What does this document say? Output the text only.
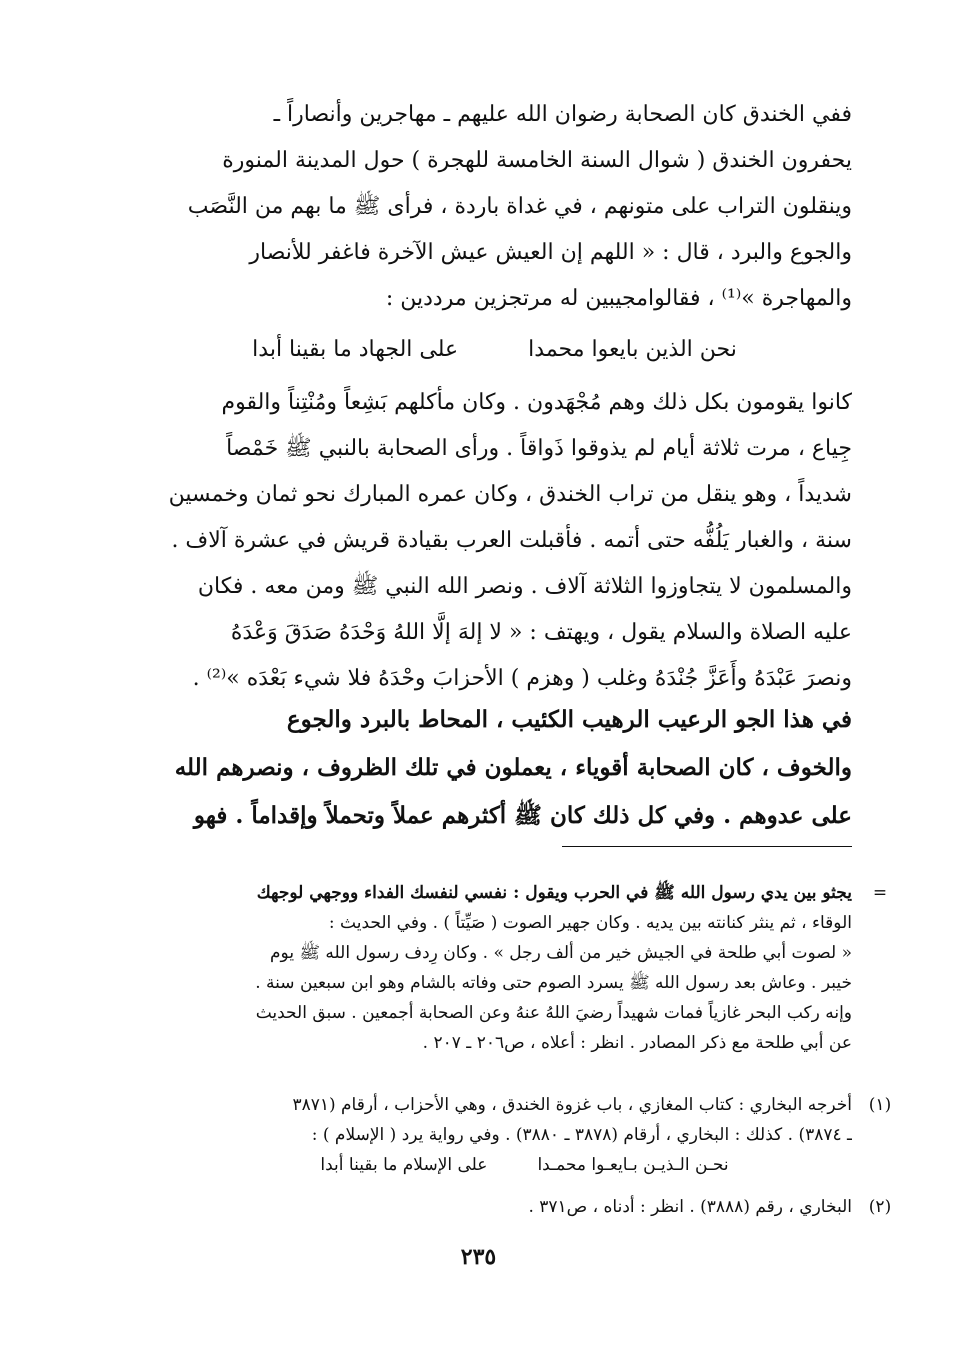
ففي الخندق كان الصحابة رضوان الله عليهم ـ مهاجرين وأنصاراً ـ
يحفرون الخندق ( شوال السنة الخامسة للهجرة ) حول المدينة المنورة
وينقلون التراب على متونهم ، في غداة باردة ، فرأى ﷺ ما بهم من النَّصَب
والجوع والبرد ، قال : « اللهم إن العيش عيش الآخرة فاغفر للأنصار
والمهاجرة »⁽¹⁾ ، فقالوامجيبين له مرتجزين مرددين :

نحن الذين بايعوا محمدا
على الجهاد ما بقينا أبدا

كانوا يقومون بكل ذلك وهم مُجْهَدون . وكان مأكلهم بَشِعاً ومُنْتِناً والقوم
جِياع ، مرت ثلاثة أيام لم يذوقوا ذَواقاً . ورأى الصحابة بالنبي ﷺ خَمْصاً
شديداً ، وهو ينقل من تراب الخندق ، وكان عمره المبارك نحو ثمان وخمسين
سنة ، والغبار يَلُفُّه حتى أتمه . فأقبلت العرب بقيادة قريش في عشرة آلاف .
والمسلمون لا يتجاوزوا الثلاثة آلاف . ونصر الله النبي ﷺ ومن معه . فكان
عليه الصلاة والسلام يقول ، ويهتف : « لا إلهَ إلَّا اللهُ وَحْدَهُ صَدَقَ وَعْدَهُ
ونصرَ عَبْدَهُ وأَعَزَّ جُنْدَهُ وغلب ( وهزم ) الأحزابَ وحْدَهُ فلا شيء بَعْدَه »⁽²⁾ .

في هذا الجو الرعيب الرهيب الكئيب ، المحاط بالبرد والجوع
والخوف ، كان الصحابة أقوياء ، يعملون في تلك الظروف ، ونصرهم الله
على عدوهم . وفي كل ذلك كان ﷺ أكثرهم عملاً وتحملاً وإقداماً . فهو

=
يجثو بين يدي رسول الله ﷺ في الحرب ويقول : نفسي لنفسك الفداء ووجهي لوجهك
الوقاء ، ثم ينثر كنانته بين يديه . وكان جهير الصوت ( صَيِّتاً ) . وفي الحديث :
« لصوت أبي طلحة في الجيش خير من ألف رجل » . وكان رِدف رسول الله ﷺ يوم
خيبر . وعاش بعد رسول الله ﷺ يسرد الصوم حتى وفاته بالشام وهو ابن سبعين سنة .
وإنه ركب البحر غازياً فمات شهيداً رضيَ اللهُ عنهُ وعن الصحابة أجمعين . سبق الحديث
عن أبي طلحة مع ذكر المصادر . انظر : أعلاه ، ص٢٠٦ ـ ٢٠٧ .
(١)
أخرجه البخاري : كتاب المغازي ، باب غزوة الخندق ، وهي الأحزاب ، أرقام (٣٨٧١
ـ ٣٨٧٤) . كذلك : البخاري ، أرقام (٣٨٧٨ ـ ٣٨٨٠) . وفي رواية يرد ( الإسلام ) :
نحـن الـذيـن بـايعـوا محمـدا
على الإسلام ما بقينا أبدا
(٢)
البخاري ، رقم (٣٨٨٨) . انظر : أدناه ، ص٣٧١ .
٢٣٥
